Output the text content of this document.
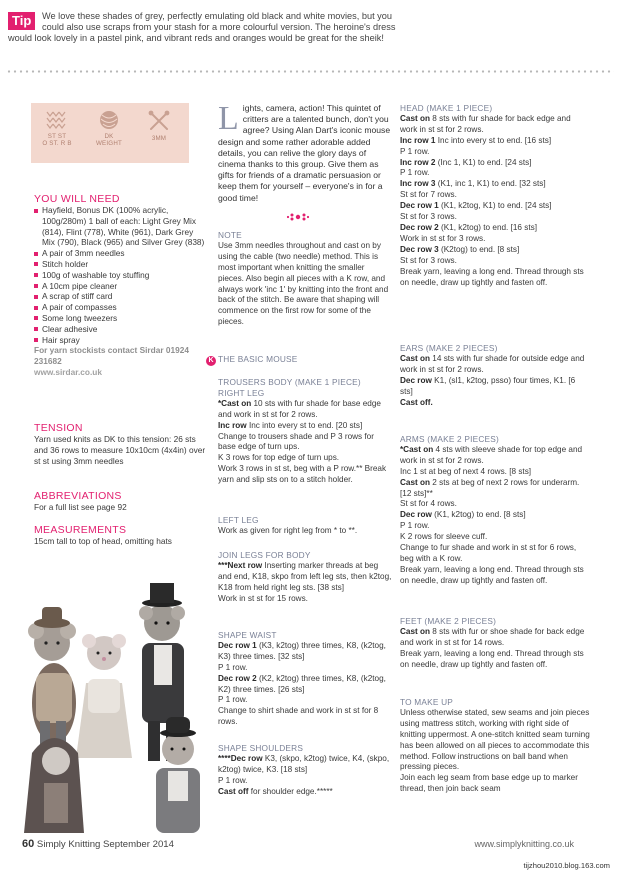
Tip	We love these shades of grey, perfectly emulating old black and white movies, but you
could also use scraps from your stash for a more colourful version. The heroine's dress
would look lovely in a pastel pink, and vibrant reds and oranges would be great for the sheik!
ST ST
O ST. R B
DK
WEIGHT
3MM
YOU WILL NEED
Hayfield, Bonus DK (100% acrylic, 100g/280m) 1 ball of each: Light Grey Mix (814), Flint (778), White (961), Dark Grey Mix (790), Black (965) and Silver Grey (838)
A pair of 3mm needles
Stitch holder
100g of washable toy stuffing
A 10cm pipe cleaner
A scrap of stiff card
A pair of compasses
Some long tweezers
Clear adhesive
Hair spray
For yarn stockists contact Sirdar 01924 231682
www.sirdar.co.uk
TENSION
Yarn used knits as DK to this tension: 26 sts and 36 rows to measure 10x10cm (4x4in) over st st using 3mm needles
ABBREVIATIONS
For a full list see page 92
MEASUREMENTS
15cm tall to top of head, omitting hats
Lights, camera, action! This quintet of critters are a talented bunch, don't you agree? Using Alan Dart's iconic mouse design and some rather adorable added details, you can relive the glory days of cinema thanks to this group. Give them as gifts for friends of a dramatic persuasion or keep them for yourself – everyone's in for a good time!
NOTE
Use 3mm needles throughout and cast on by using the cable (two needle) method. This is most important when knitting the smaller pieces. Also begin all pieces with a K row, and always work 'inc 1' by knitting into the front and back of the stitch. Be aware that shaping will commence on the first row for some of the pieces.
K THE BASIC MOUSE
TROUSERS BODY (MAKE 1 PIECE)
RIGHT LEG
*Cast on 10 sts with fur shade for base edge and work in st st for 2 rows.
Inc row Inc into every st to end. [20 sts]
Change to trousers shade and P 3 rows for base edge of turn ups.
K 3 rows for top edge of turn ups.
Work 3 rows in st st, beg with a P row.** Break yarn and slip sts on to a stitch holder.
LEFT LEG
Work as given for right leg from * to **.
JOIN LEGS FOR BODY
***Next row Inserting marker threads at beg and end, K18, skpo from left leg sts, then k2tog, K18 from held right leg sts. [38 sts]
Work in st st for 15 rows.
SHAPE WAIST
Dec row 1 (K3, k2tog) three times, K8, (k2tog, K3) three times. [32 sts]
P 1 row.
Dec row 2 (K2, k2tog) three times, K8, (k2tog, K2) three times. [26 sts]
P 1 row.
Change to shirt shade and work in st st for 8 rows.
SHAPE SHOULDERS
****Dec row K3, (skpo, k2tog) twice, K4, (skpo, k2tog) twice, K3. [18 sts]
P 1 row.
Cast off for shoulder edge.*****
HEAD (MAKE 1 PIECE)
Cast on 8 sts with fur shade for back edge and work in st st for 2 rows.
Inc row 1 Inc into every st to end. [16 sts]
P 1 row.
Inc row 2 (Inc 1, K1) to end. [24 sts]
P 1 row.
Inc row 3 (K1, inc 1, K1) to end. [32 sts]
St st for 7 rows.
Dec row 1 (K1, k2tog, K1) to end. [24 sts]
St st for 3 rows.
Dec row 2 (K1, k2tog) to end. [16 sts]
Work in st st for 3 rows.
Dec row 3 (K2tog) to end. [8 sts]
St st for 3 rows.
Break yarn, leaving a long end. Thread through sts on needle, draw up tightly and fasten off.
EARS (MAKE 2 PIECES)
Cast on 14 sts with fur shade for outside edge and work in st st for 2 rows.
Dec row K1, (sl1, k2tog, psso) four times, K1. [6 sts]
Cast off.
ARMS (MAKE 2 PIECES)
*Cast on 4 sts with sleeve shade for top edge and work in st st for 2 rows.
Inc 1 st at beg of next 4 rows. [8 sts]
Cast on 2 sts at beg of next 2 rows for underarm. [12 sts]**
St st for 4 rows.
Dec row (K1, k2tog) to end. [8 sts]
P 1 row.
K 2 rows for sleeve cuff.
Change to fur shade and work in st st for 6 rows, beg with a K row.
Break yarn, leaving a long end. Thread through sts on needle, draw up tightly and fasten off.
FEET (MAKE 2 PIECES)
Cast on 8 sts with fur or shoe shade for back edge and work in st st for 14 rows.
Break yarn, leaving a long end. Thread through sts on needle, draw up tightly and fasten off.
TO MAKE UP
Unless otherwise stated, sew seams and join pieces using mattress stitch, working with right side of knitting uppermost. A one-stitch knitted seam turning has been allowed on all pieces to accommodate this method. Follow instructions on ball band when pressing pieces.
Join each leg seam from base edge up to marker thread, then join back seam
60 Simply Knitting September 2014	www.simplyknitting.co.uk
tijzhou2010.blog.163.com
